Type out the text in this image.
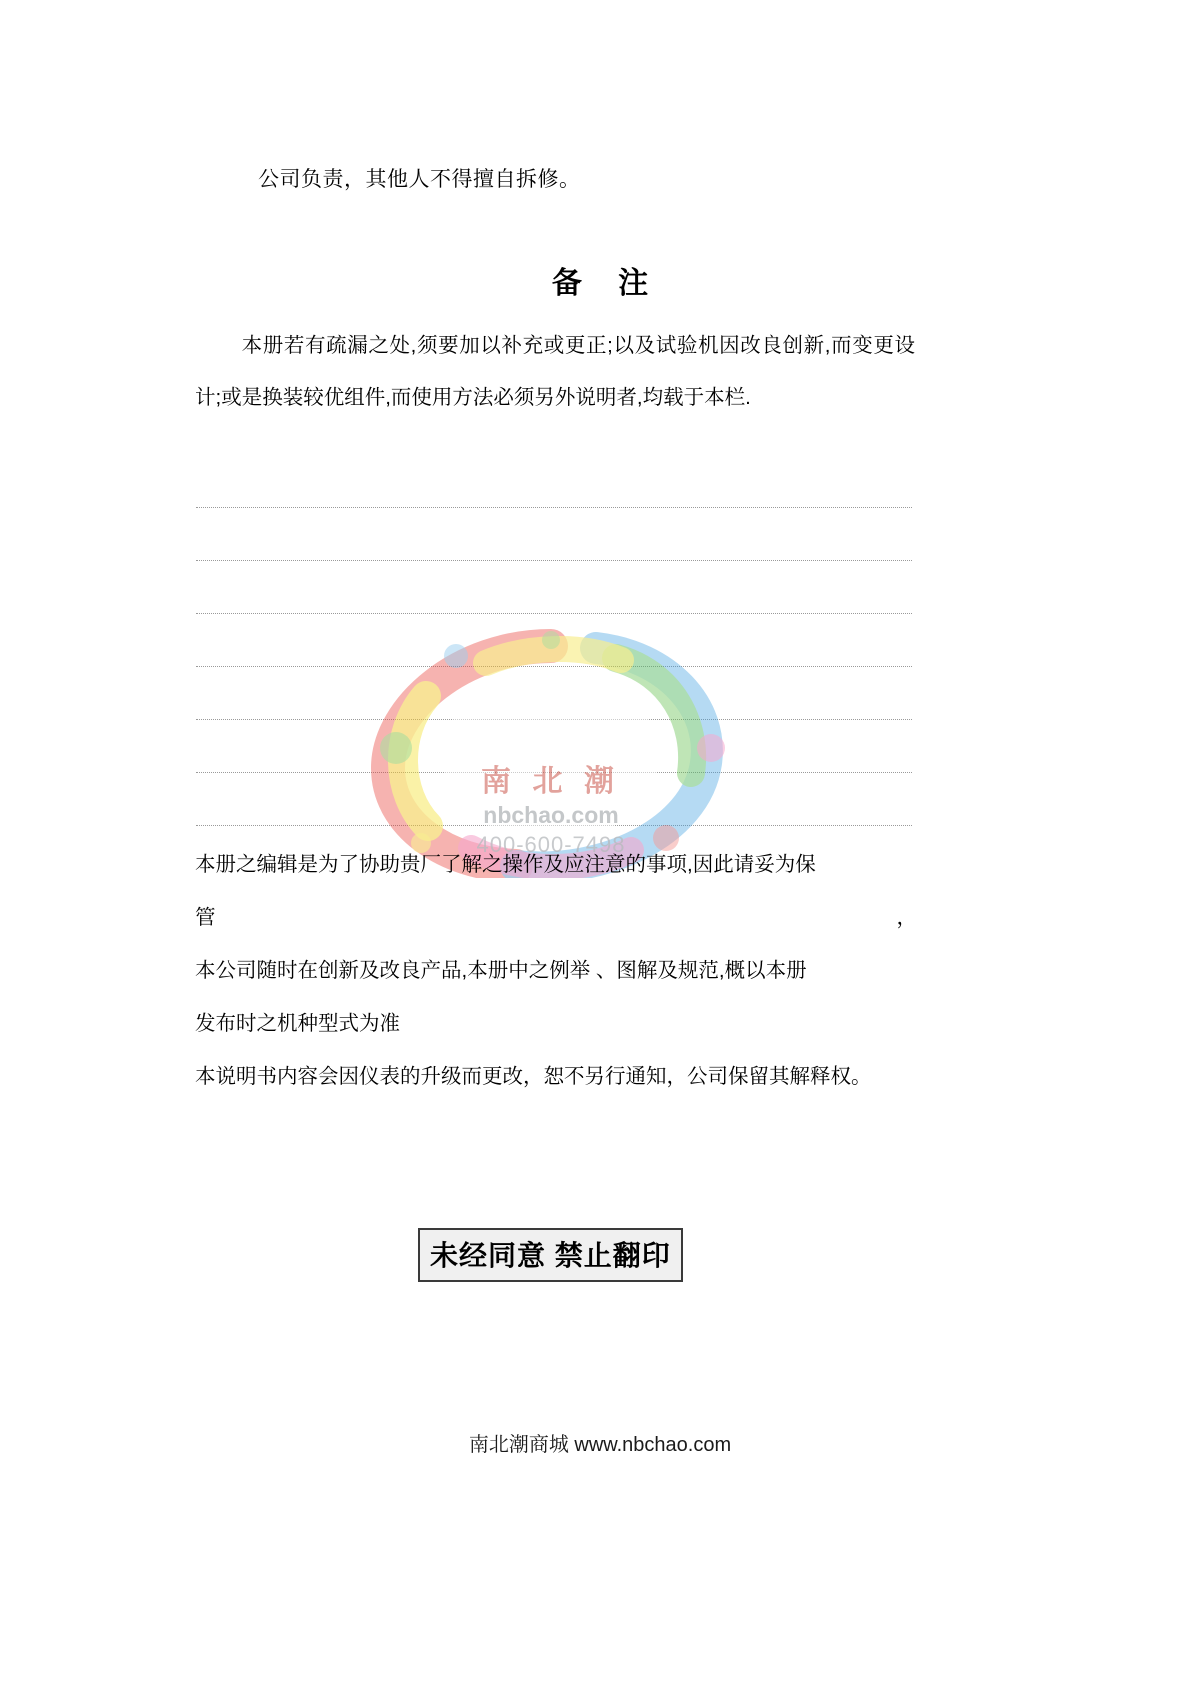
公司负责，其他人不得擅自拆修。
备 注
本册若有疏漏之处,须要加以补充或更正;以及试验机因改良创新,而变更设计;或是换装较优组件,而使用方法必须另外说明者,均载于本栏.
南 北 潮
nbchao.com
400-600-7498

本册之编辑是为了协助贵厂了解之操作及应注意的事项,因此请妥为保

管	，

本公司随时在创新及改良产品,本册中之例举 、图解及规范,概以本册

发布时之机种型式为准

本说明书内容会因仪表的升级而更改，恕不另行通知，公司保留其解释权。

未经同意 禁止翻印
南北潮商城 www.nbchao.com
